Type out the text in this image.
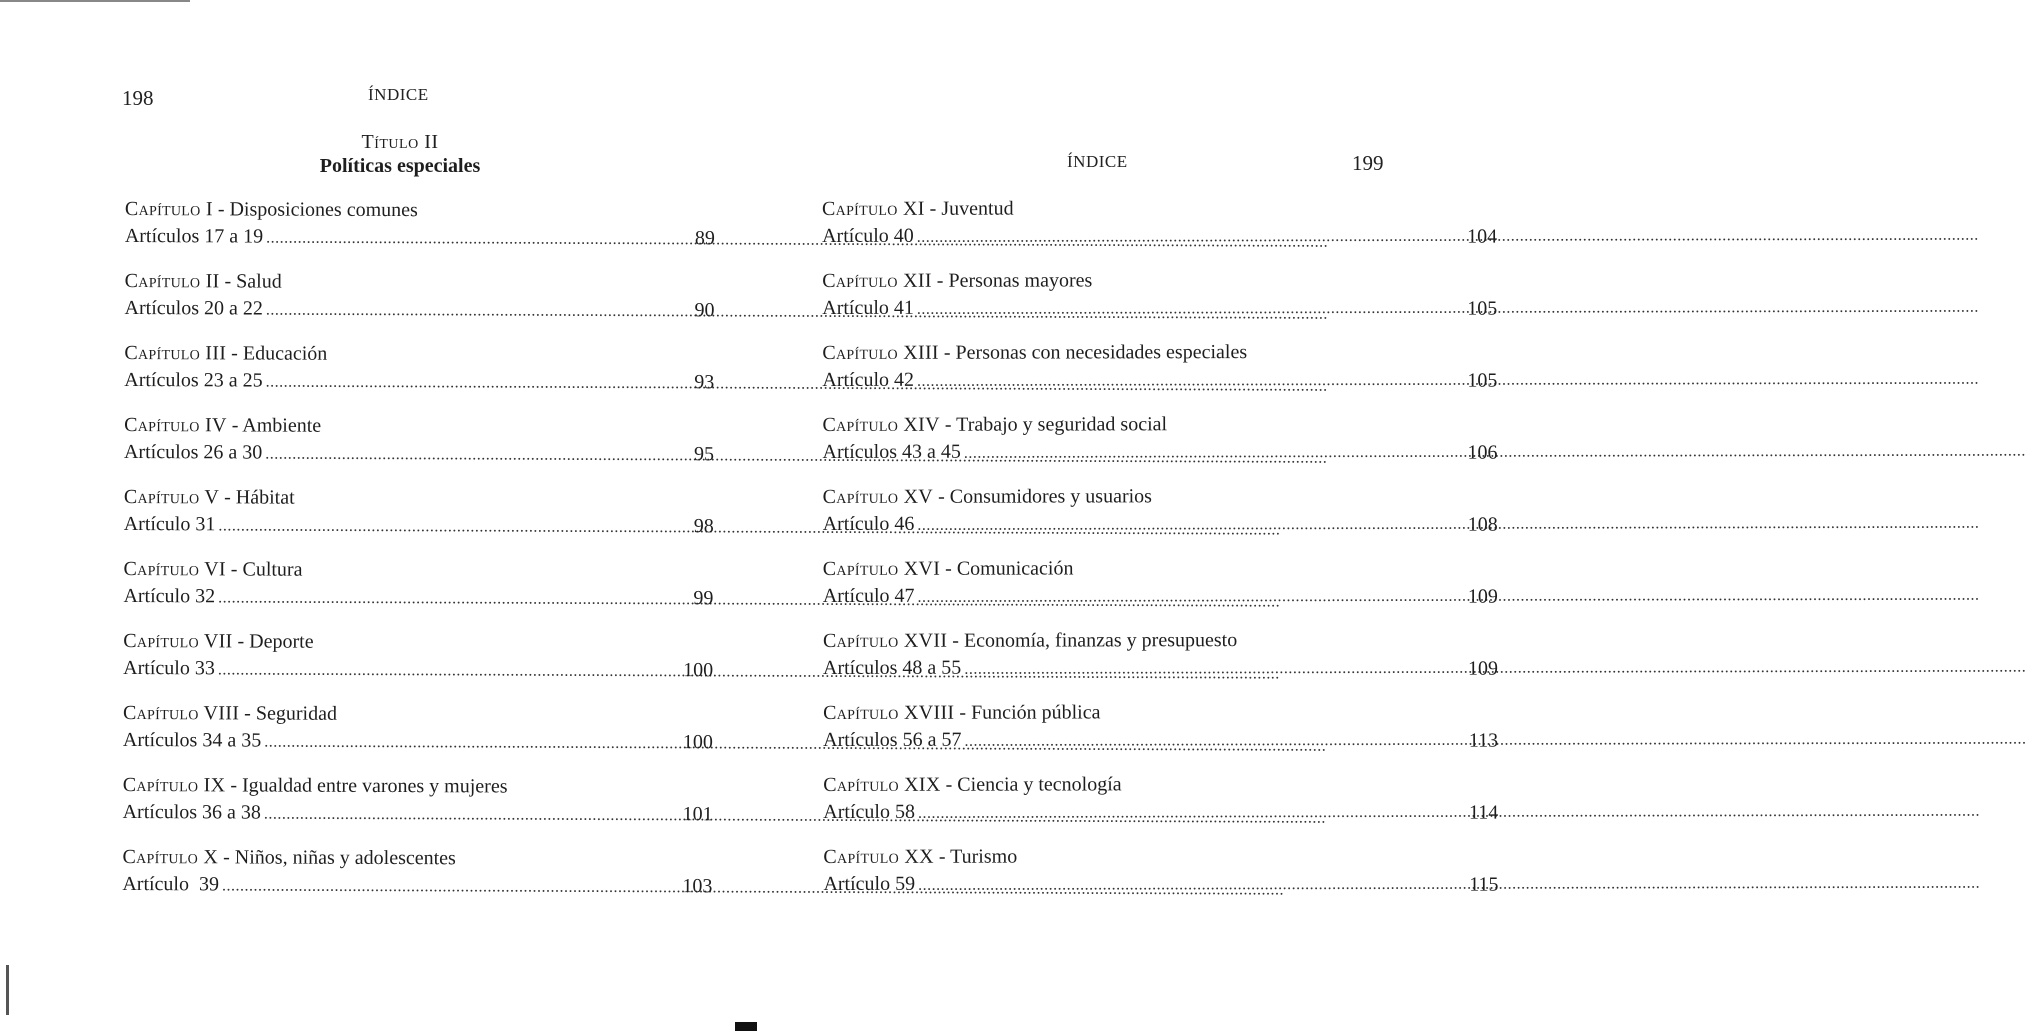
198	ÍNDICE
Título II
Políticas especiales
Capítulo I - Disposiciones comunes
Artículos 17 a 19 .....	89
Capítulo II - Salud
Artículos 20 a 22 .....	90
Capítulo III - Educación
Artículos 23 a 25 .....	93
Capítulo IV - Ambiente
Artículos 26 a 30 .....	95
Capítulo V - Hábitat
Artículo 31 .....	98
Capítulo VI - Cultura
Artículo 32 .....	99
Capítulo VII - Deporte
Artículo 33 .....	100
Capítulo VIII - Seguridad
Artículos 34 a 35 .....	100
Capítulo IX - Igualdad entre varones y mujeres
Artículos 36 a 38 .....	101
Capítulo X - Niños, niñas y adolescentes
Artículo  39 .....	103
ÍNDICE	199
Capítulo XI - Juventud
Artículo 40 .....	104
Capítulo XII - Personas mayores
Artículo 41 .....	105
Capítulo XIII - Personas con necesidades especiales
Artículo 42 .....	105
Capítulo XIV - Trabajo y seguridad social
Artículos 43 a 45 .....	106
Capítulo XV - Consumidores y usuarios
Artículo 46 .....	108
Capítulo XVI - Comunicación
Artículo 47 .....	109
Capítulo XVII - Economía, finanzas y presupuesto
Artículos 48 a 55 .....	109
Capítulo XVIII - Función pública
Artículos 56 a 57 .....	113
Capítulo XIX - Ciencia y tecnología
Artículo 58 .....	114
Capítulo XX - Turismo
Artículo 59 .....	115
